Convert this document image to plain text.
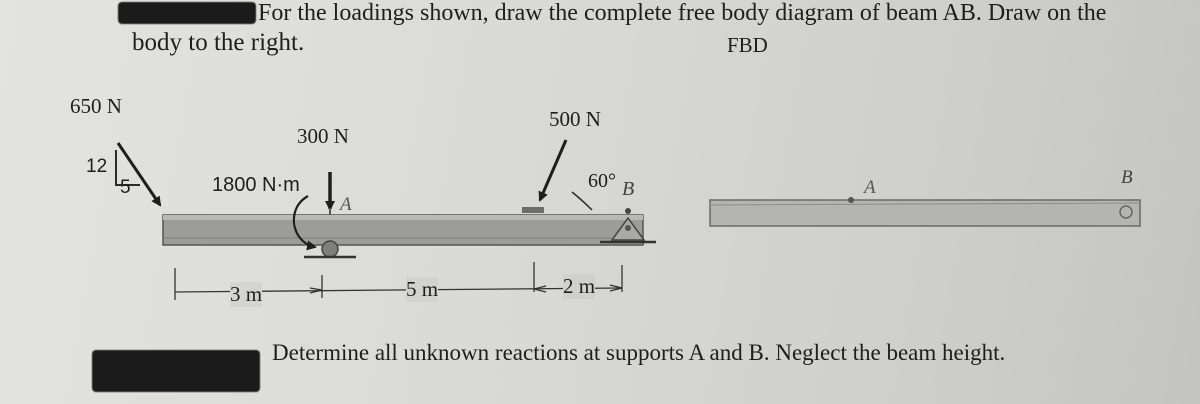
For the loadings shown, draw the complete free body diagram of beam AB. Draw on the
body to the right.	FBD
650 N
12
5
300 N
1800 N·m
A
500 N
60° B
3 m	5 m	2 m
A	B
Determine all unknown reactions at supports A and B. Neglect the beam height.
